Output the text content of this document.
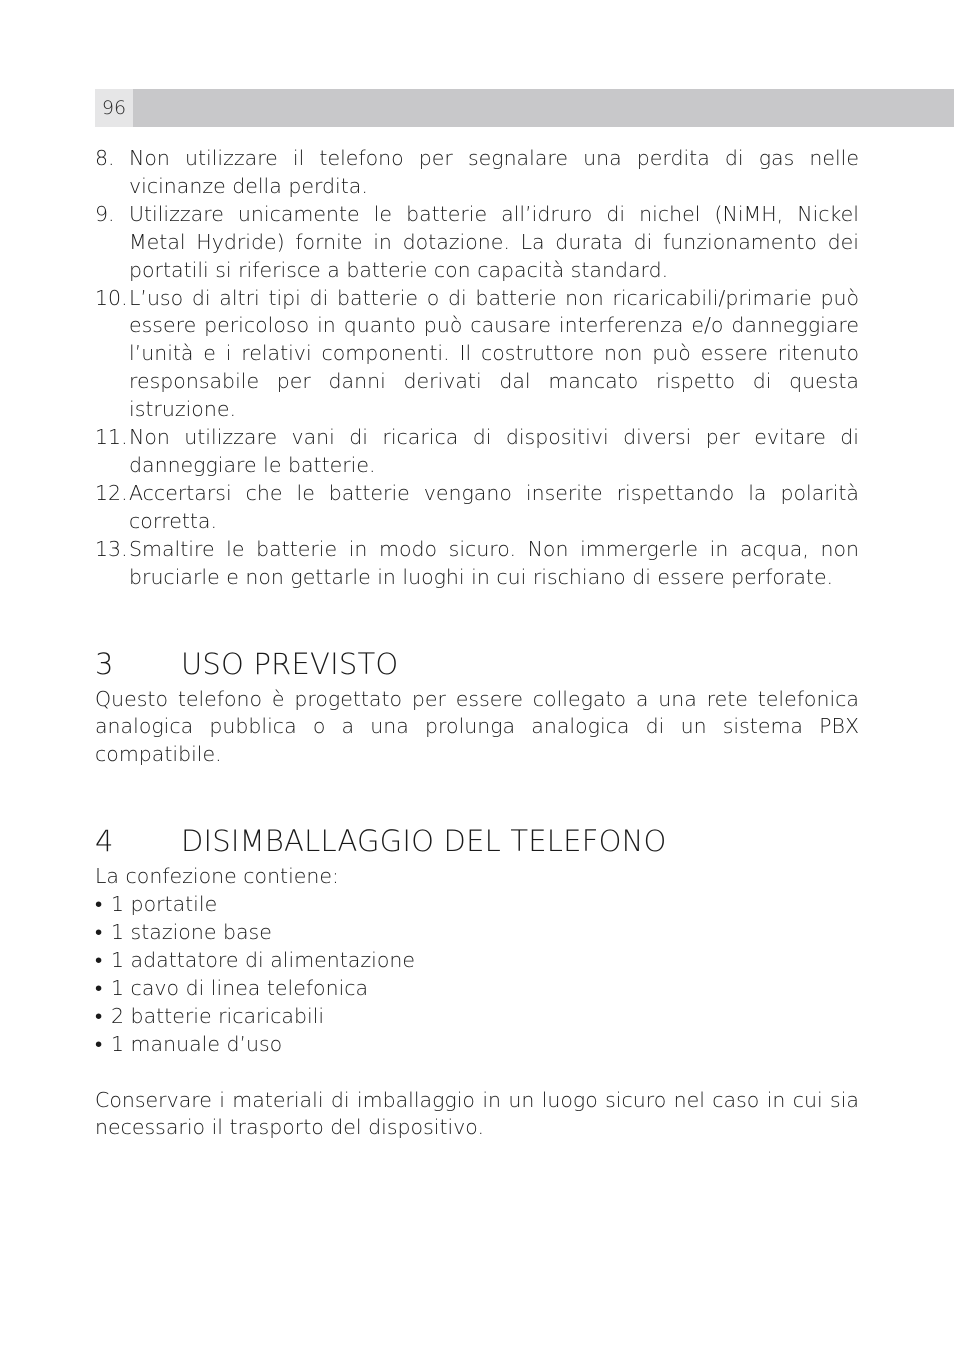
96
8. Non utilizzare il telefono per segnalare una perdita di gas nelle vicinanze della perdita.
9. Utilizzare unicamente le batterie all’idruro di nichel (NiMH, Nickel Metal Hydride) fornite in dotazione. La durata di funzionamento dei portatili si riferisce a batterie con capacità standard.
10. L’uso di altri tipi di batterie o di batterie non ricaricabili/primarie può essere pericoloso in quanto può causare interferenza e/o danneggiare l’unità e i relativi componenti. Il costruttore non può essere ritenuto responsabile per danni derivati dal mancato rispetto di questa istruzione.
11. Non utilizzare vani di ricarica di dispositivi diversi per evitare di danneggiare le batterie.
12. Accertarsi che le batterie vengano inserite rispettando la polarità corretta.
13. Smaltire le batterie in modo sicuro. Non immergerle in acqua, non bruciarle e non gettarle in luoghi in cui rischiano di essere perforate.
3 USO PREVISTO

Questo telefono è progettato per essere collegato a una rete telefonica analogica pubblica o a una prolunga analogica di un sistema PBX compatibile.

4 DISIMBALLAGGIO DEL TELEFONO

La confezione contiene:

• 1 portatile
• 1 stazione base
• 1 adattatore di alimentazione
• 1 cavo di linea telefonica
• 2 batterie ricaricabili
• 1 manuale d’uso

Conservare i materiali di imballaggio in un luogo sicuro nel caso in cui sia necessario il trasporto del dispositivo.
